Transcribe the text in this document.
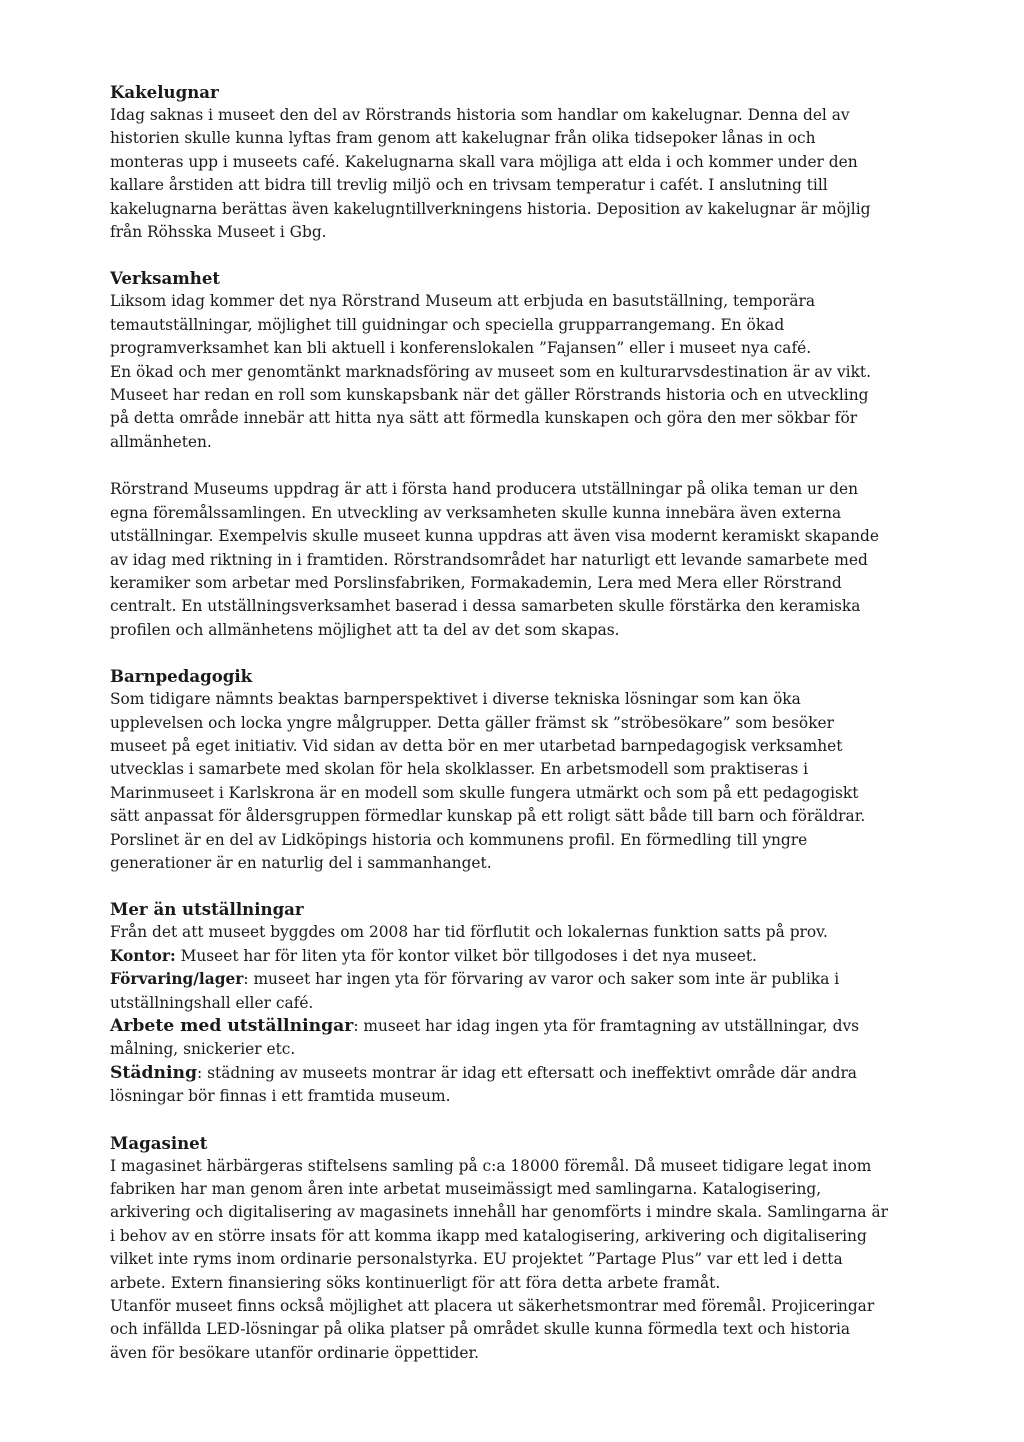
Kakelugnar

Idag saknas i museet den del av Rörstrands historia som handlar om kakelugnar. Denna del av historien skulle kunna lyftas fram genom att kakelugnar från olika tidsepoker lånas in och monteras upp i museets café. Kakelugnarna skall vara möjliga att elda i och kommer under den kallare årstiden att bidra till trevlig miljö och en trivsam temperatur i cafét. I anslutning till kakelugnarna berättas även kakelugntillverkningens historia. Deposition av kakelugnar är möjlig från Röhsska Museet i Gbg.

Verksamhet

Liksom idag kommer det nya Rörstrand Museum att erbjuda en basutställning, temporära temautställningar, möjlighet till guidningar och speciella grupparrangemang. En ökad programverksamhet kan bli aktuell i konferenslokalen ”Fajansen” eller i museet nya café.

En ökad och mer genomtänkt marknadsföring av museet som en kulturarvsdestination är av vikt. Museet har redan en roll som kunskapsbank när det gäller Rörstrands historia och en utveckling på detta område innebär att hitta nya sätt att förmedla kunskapen och göra den mer sökbar för allmänheten.

Rörstrand Museums uppdrag är att i första hand producera utställningar på olika teman ur den egna föremålssamlingen. En utveckling av verksamheten skulle kunna innebära även externa utställningar. Exempelvis skulle museet kunna uppdras att även visa modernt keramiskt skapande av idag med riktning in i framtiden. Rörstrandsområdet har naturligt ett levande samarbete med keramiker som arbetar med Porslinsfabriken, Formakademin, Lera med Mera eller Rörstrand centralt. En utställningsverksamhet baserad i dessa samarbeten skulle förstärka den keramiska profilen och allmänhetens möjlighet att ta del av det som skapas.

Barnpedagogik

Som tidigare nämnts beaktas barnperspektivet i diverse tekniska lösningar som kan öka upplevelsen och locka yngre målgrupper. Detta gäller främst sk ”ströbesökare” som besöker museet på eget initiativ. Vid sidan av detta bör en mer utarbetad barnpedagogisk verksamhet utvecklas i samarbete med skolan för hela skolklasser. En arbetsmodell som praktiseras i Marinmuseet i Karlskrona är en modell som skulle fungera utmärkt och som på ett pedagogiskt sätt anpassat för åldersgruppen förmedlar kunskap på ett roligt sätt både till barn och föräldrar. Porslinet är en del av Lidköpings historia och kommunens profil. En förmedling till yngre generationer är en naturlig del i sammanhanget.

Mer än utställningar

Från det att museet byggdes om 2008 har tid förflutit och lokalernas funktion satts på prov.

Kontor: Museet har för liten yta för kontor vilket bör tillgodoses i det nya museet.

Förvaring/lager: museet har ingen yta för förvaring av varor och saker som inte är publika i utställningshall eller café.

Arbete med utställningar: museet har idag ingen yta för framtagning av utställningar, dvs målning, snickerier etc.

Städning: städning av museets montrar är idag ett eftersatt och ineffektivt område där andra lösningar bör finnas i ett framtida museum.

Magasinet

I magasinet härbärgeras stiftelsens samling på c:a 18000 föremål. Då museet tidigare legat inom fabriken har man genom åren inte arbetat museimässigt med samlingarna. Katalogisering, arkivering och digitalisering av magasinets innehåll har genomförts i mindre skala. Samlingarna är i behov av en större insats för att komma ikapp med katalogisering, arkivering och digitalisering vilket inte ryms inom ordinarie personalstyrka. EU projektet ”Partage Plus” var ett led i detta arbete. Extern finansiering söks kontinuerligt för att föra detta arbete framåt.

Utanför museet finns också möjlighet att placera ut säkerhetsmontrar med föremål. Projiceringar och infällda LED-lösningar på olika platser på området skulle kunna förmedla text och historia även för besökare utanför ordinarie öppettider.
